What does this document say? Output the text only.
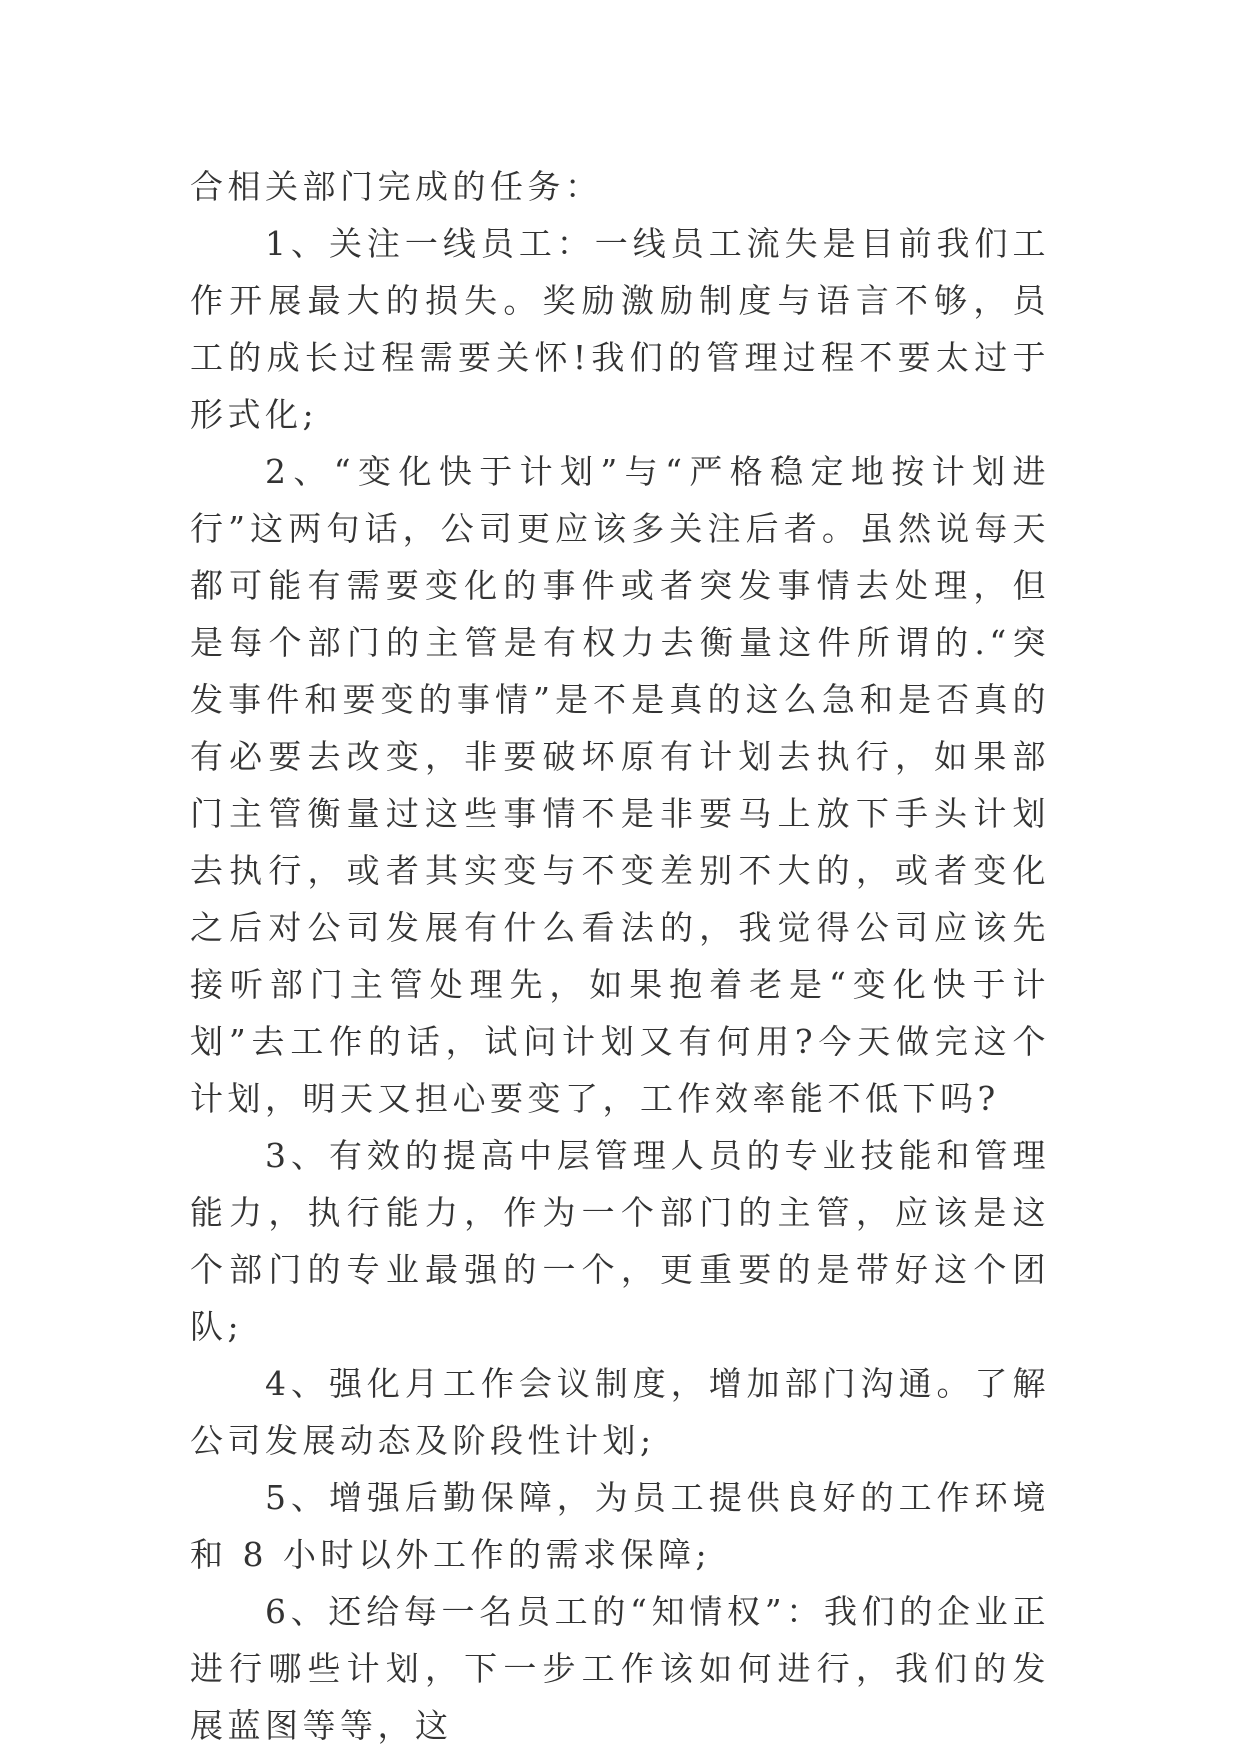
合相关部门完成的任务：

1、关注一线员工：一线员工流失是目前我们工作开展最大的损失。奖励激励制度与语言不够，员工的成长过程需要关怀!我们的管理过程不要太过于形式化;

2、“变化快于计划”与“严格稳定地按计划进行”这两句话，公司更应该多关注后者。虽然说每天都可能有需要变化的事件或者突发事情去处理，但是每个部门的主管是有权力去衡量这件所谓的.“突发事件和要变的事情”是不是真的这么急和是否真的有必要去改变，非要破坏原有计划去执行，如果部门主管衡量过这些事情不是非要马上放下手头计划去执行，或者其实变与不变差别不大的，或者变化之后对公司发展有什么看法的，我觉得公司应该先接听部门主管处理先，如果抱着老是“变化快于计划”去工作的话，试问计划又有何用?今天做完这个计划，明天又担心要变了，工作效率能不低下吗?

3、有效的提高中层管理人员的专业技能和管理能力，执行能力，作为一个部门的主管，应该是这个部门的专业最强的一个，更重要的是带好这个团队;

4、强化月工作会议制度，增加部门沟通。了解公司发展动态及阶段性计划;

5、增强后勤保障，为员工提供良好的工作环境和 8 小时以外工作的需求保障;

6、还给每一名员工的“知情权”：我们的企业正进行哪些计划，下一步工作该如何进行，我们的发展蓝图等等，这
